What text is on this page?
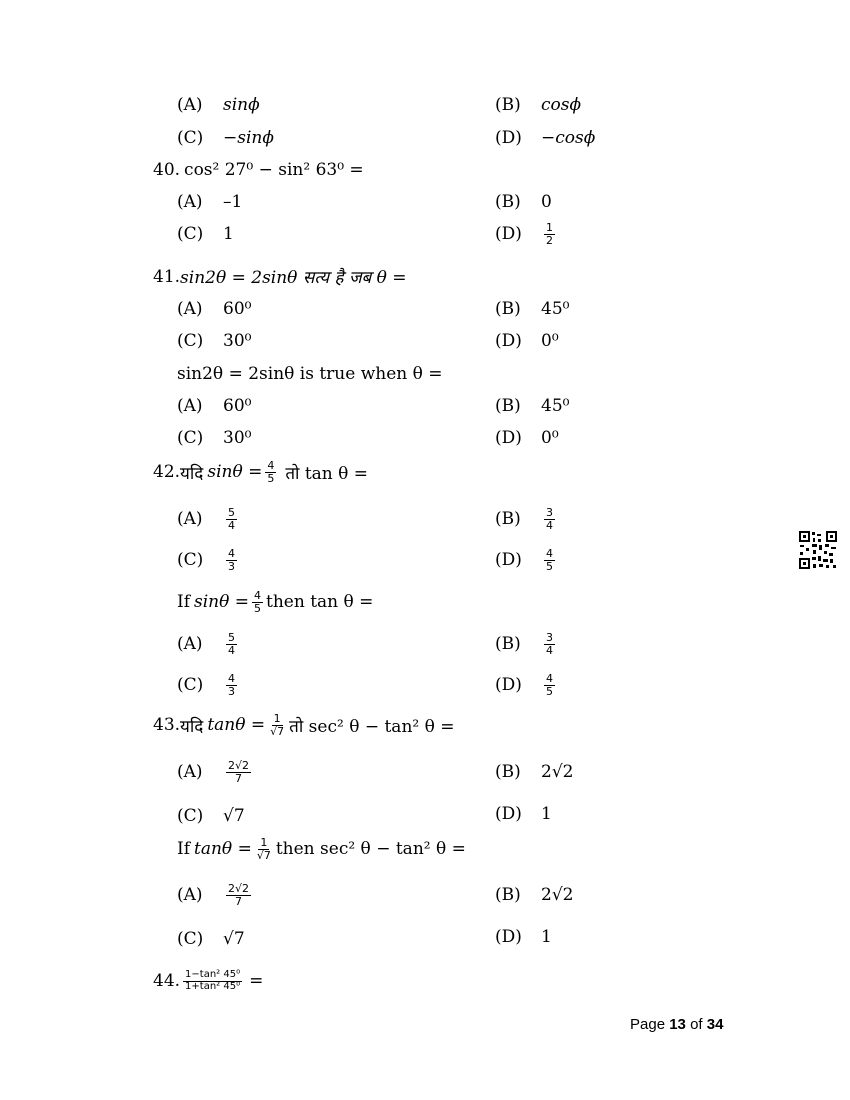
(A)	sinϕ	(B)	cosϕ
(C)	−sinϕ	(D)	−cosϕ
40. cos² 27⁰ − sin² 63⁰ =
(A)	–1	(B)	0
(C)	1	(D)	$\frac{1}{2}$
41. sin2θ = 2sinθ सत्य है जब θ =
(A)	60⁰	(B)	45⁰
(C)	30⁰	(D)	0⁰
sin2θ = 2sinθ is true when θ =
(A)	60⁰	(B)	45⁰
(C)	30⁰	(D)	0⁰
42. यदि $\sin\theta = \frac{4}{5}$ तो tan θ =
(A)	$\frac{5}{4}$	(B)	$\frac{3}{4}$
(C)	$\frac{4}{3}$	(D)	$\frac{4}{5}$
If $\sin\theta = \frac{4}{5}$ then tan θ =
(A)	$\frac{5}{4}$	(B)	$\frac{3}{4}$
(C)	$\frac{4}{3}$	(D)	$\frac{4}{5}$
43. यदि $\tan\theta = \frac{1}{√7}$ तो sec² θ − tan² θ =
(A)	$\frac{2√2}{7}$	(B)	2√2
(C)	√7	(D)	1
If $\tan\theta = \frac{1}{√7}$ then sec² θ − tan² θ =
(A)	$\frac{2√2}{7}$	(B)	2√2
(C)	√7	(D)	1
44. $\frac{\text{1−tan² 45⁰}}{\text{1+tan² 45⁰}}$ =
Page 13 of 34
